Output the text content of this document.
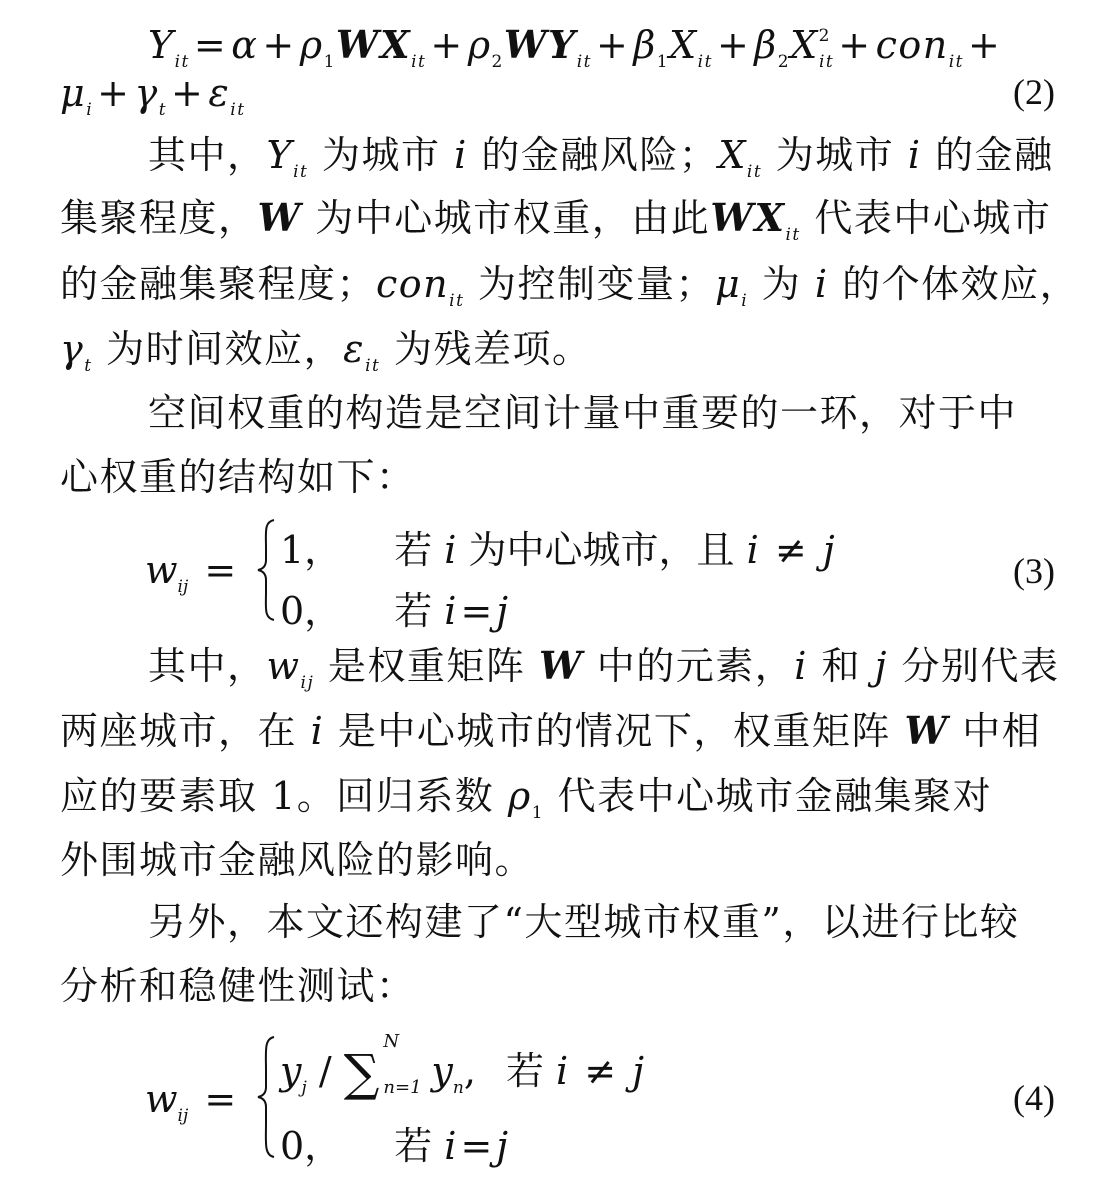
$Y_{it} = \alpha + \rho_1WX_{it} + \rho_2WY_{it} + \beta_1X_{it} + \beta_2X^2_{it} + con_{it}$ +
$\mu_i + \gamma_t + \varepsilon_{it}$	(2)
其中，$Y_{it}$ 为城市 i 的金融风险；$X_{it}$ 为城市 i 的金融
集聚程度，W 为中心城市权重，由此$WX_{it}$ 代表中心城市
的金融集聚程度；con$_{it}$ 为控制变量；$\mu_i$ 为 i 的个体效应，
$\gamma_t$ 为时间效应，$\varepsilon_{it}$ 为残差项。
空间权重的构造是空间计量中重要的一环，对于中
心权重的结构如下：
$w_{ij} = 1$， 若 i 为中心城市，且 i ≠ j
0， 若 i = j
(3)
其中，$w_{ij}$ 是权重矩阵 W 中的元素，i 和 j 分别代表
两座城市，在 i 是中心城市的情况下，权重矩阵 W 中相
应的要素取 1。回归系数 $\rho_1$ 代表中心城市金融集聚对
外围城市金融风险的影响。
另外，本文还构建了“大型城市权重”，以进行比较
分析和稳健性测试：
$w_{ij}$ =
$y_j$ / ∑
N
n=1 $y_n$, 若 i ≠ j
0， 若 i = j
(4)
